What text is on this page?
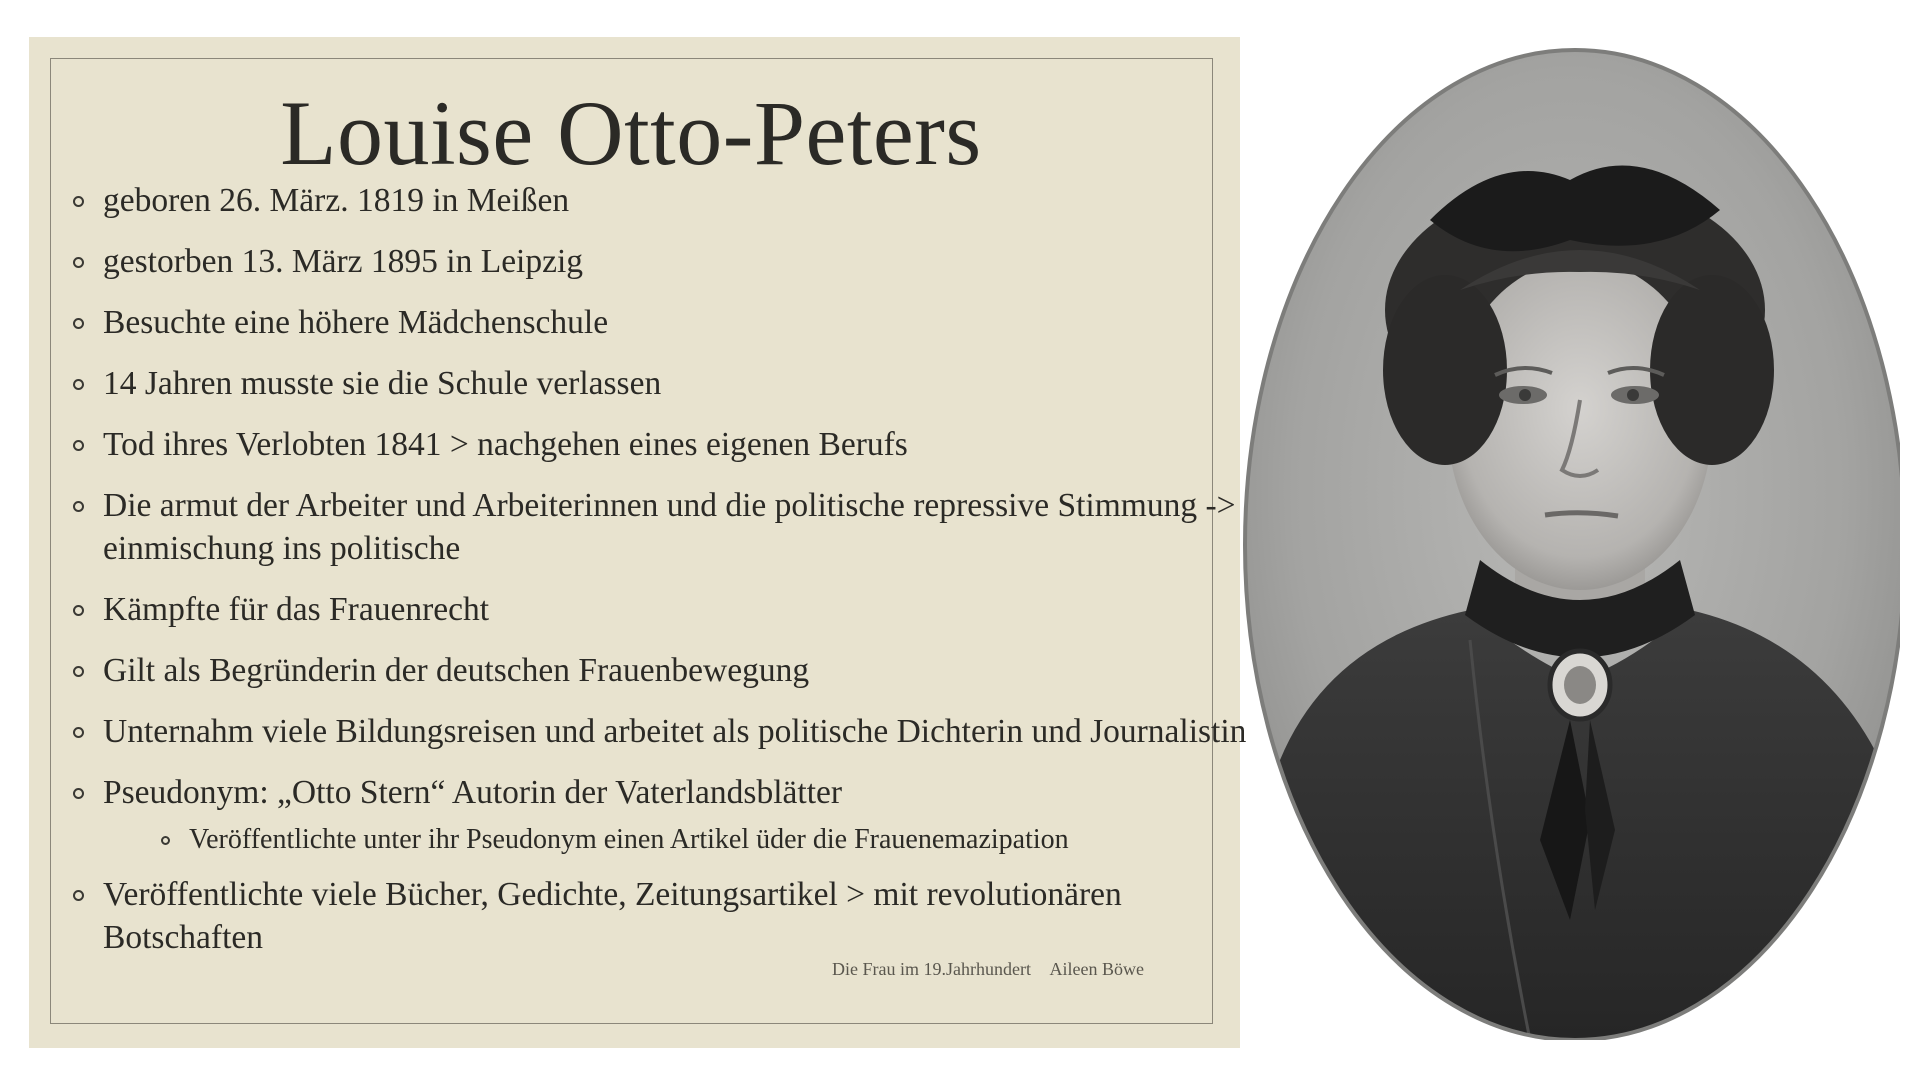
Louise Otto-Peters
geboren 26. März. 1819 in Meißen
gestorben 13. März 1895 in Leipzig
Besuchte eine höhere Mädchenschule
14 Jahren musste sie die Schule verlassen
Tod ihres Verlobten 1841 > nachgehen eines eigenen Berufs
Die armut der Arbeiter und Arbeiterinnen und die politische repressive Stimmung -> einmischung ins politische
Kämpfte für das Frauenrecht
Gilt als Begründerin der deutschen Frauenbewegung
Unternahm viele Bildungsreisen und arbeitet als politische Dichterin und Journalistin
Pseudonym: „Otto Stern“ Autorin der Vaterlandsblätter
Veröffentlichte unter ihr Pseudonym einen Artikel üder die Frauenemazipation
Veröffentlichte viele Bücher, Gedichte, Zeitungsartikel > mit revolutionären Botschaften
Die Frau im 19.Jahrhundert Aileen Böwe
